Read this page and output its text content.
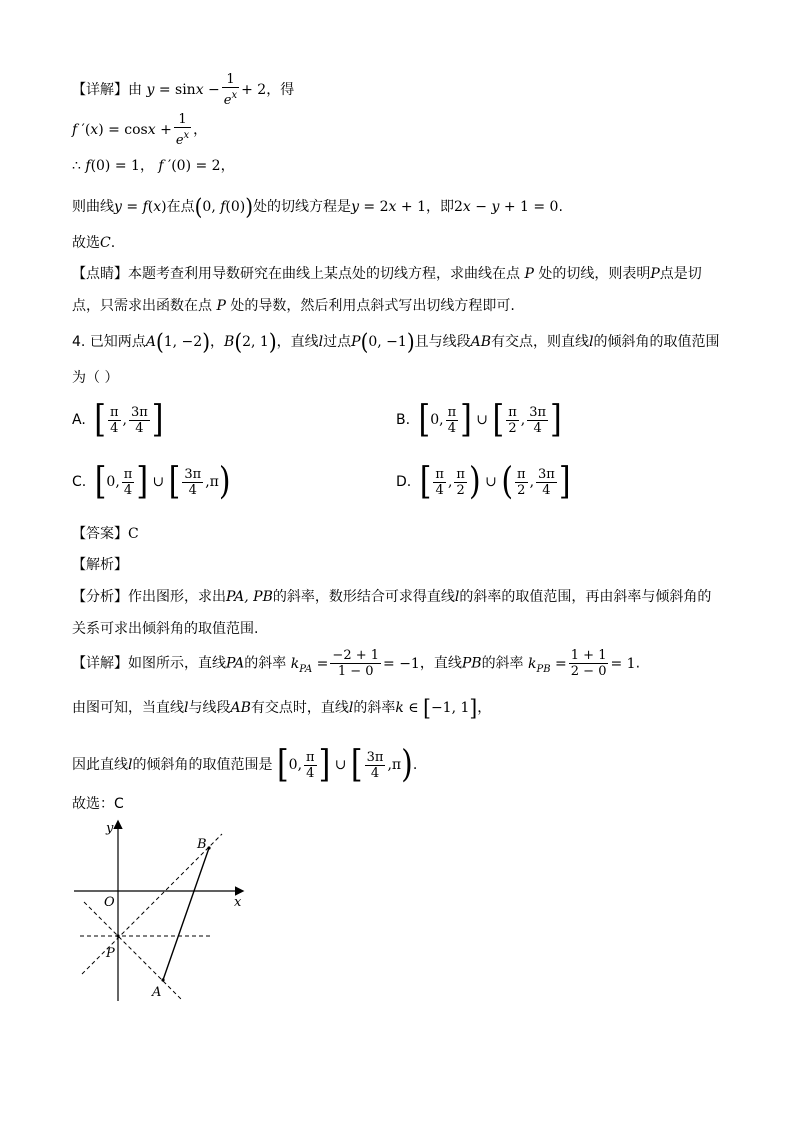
【详解】由 $y = \sin x - \frac{1}{e^x} + 2$，得
f $'(x) = \cos x + \frac{1}{e^x}$ ，
∴ f(0) = 1， f ′(0) = 2，
则曲线y = f(x)在点(0, f(0))处的切线方程是y = 2x + 1，即2x − y + 1 = 0.
故选C.
【点睛】本题考查利用导数研究在曲线上某点处的切线方程，求曲线在点 P 处的切线，则表明P点是切
点，只需求出函数在点 P 处的导数，然后利用点斜式写出切线方程即可.
4. 已知两点A(1, −2)，B(2, 1)，直线l过点P(0, −1)且与线段AB有交点，则直线l的倾斜角的取值范围
为（ ）
A. [ $\frac{\pi}{4}$ , $\frac{3\pi}{4}$ ]	B. [0, $\frac{\pi}{4}$ ] ∪ [ $\frac{\pi}{2}$ , $\frac{3\pi}{4}$ ]
C. [0, $\frac{\pi}{4}$ ] ∪ [ $\frac{3\pi}{4} ,\pi$)	D. [ $\frac{\pi}{4}$ , $\frac{\pi}{2}$ ) ∪ ( $\frac{\pi}{2}$ , $\frac{3\pi}{4}$ ]
【答案】C
【解析】
【分析】作出图形，求出PA, PB的斜率，数形结合可求得直线l的斜率的取值范围，再由斜率与倾斜角的
关系可求出倾斜角的取值范围.
【详解】如图所示，直线PA的斜率 $k_{PA} = \frac{-2 + 1}{1 - 0} = -1$，直线PB的斜率 $k_{PB} = \frac{1 + 1}{2 - 0} = 1$.
由图可知，当直线l与线段AB有交点时，直线l的斜率k ∈ [−1, 1]，
因此直线l的倾斜角的取值范围是 [0, $\frac{\pi}{4}$ ] ∪ [ $\frac{3\pi}{4} ,\pi$).
故选：C
y
x
O
P
A
B
